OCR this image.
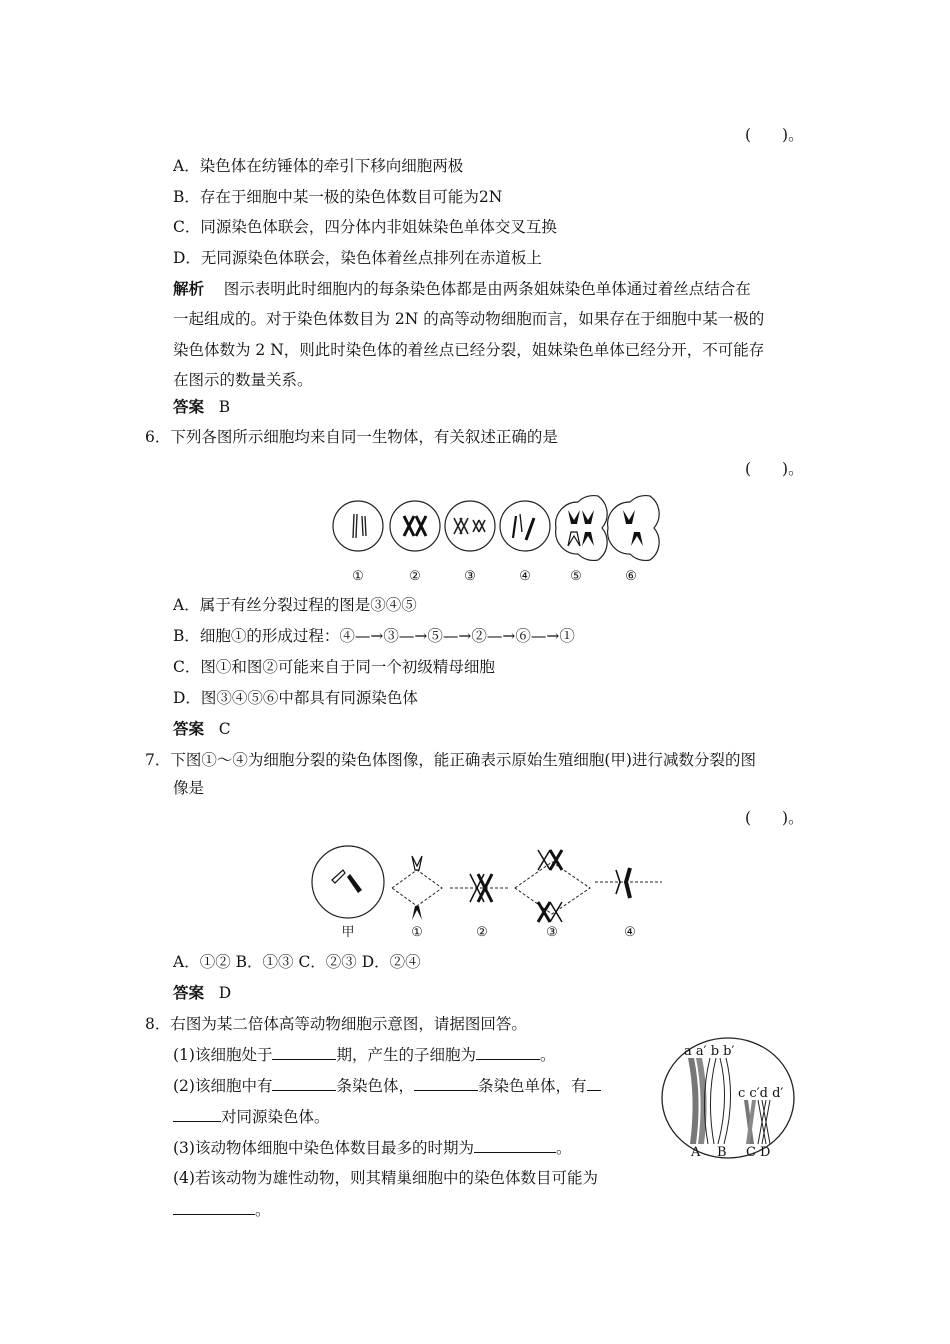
(　　)。
A．染色体在纺锤体的牵引下移向细胞两极
B．存在于细胞中某一极的染色体数目可能为2N
C．同源染色体联会，四分体内非姐妹染色单体交叉互换
D．无同源染色体联会，染色体着丝点排列在赤道板上
解析 图示表明此时细胞内的每条染色体都是由两条姐妹染色单体通过着丝点结合在
一起组成的。对于染色体数目为 2N 的高等动物细胞而言，如果存在于细胞中某一极的
染色体数为 2 N，则此时染色体的着丝点已经分裂，姐妹染色单体已经分开，不可能存
在图示的数量关系。
答案 B
6．下列各图所示细胞均来自同一生物体，有关叙述正确的是
(　　)。
①	②	③	④	⑤	⑥
A．属于有丝分裂过程的图是③④⑤
B．细胞①的形成过程：④—→③—→⑤—→②—→⑥—→①
C．图①和图②可能来自于同一个初级精母细胞
D．图③④⑤⑥中都具有同源染色体
答案 C
7．下图①～④为细胞分裂的染色体图像，能正确表示原始生殖细胞(甲)进行减数分裂的图
像是
(　　)。
甲	①	②	③	④
A．①② B．①③ C．②③ D．②④
答案 D
8．右图为某二倍体高等动物细胞示意图，请据图回答。
(1)该细胞处于	期，产生的子细胞为	。
(2)该细胞中有	条染色体，	条染色单体，有
对同源染色体。
(3)该动物体细胞中染色体数目最多的时期为	。
(4)若该动物为雄性动物，则其精巢细胞中的染色体数目可能为
。
a a′ b b′
c c′d d′
A B C D
